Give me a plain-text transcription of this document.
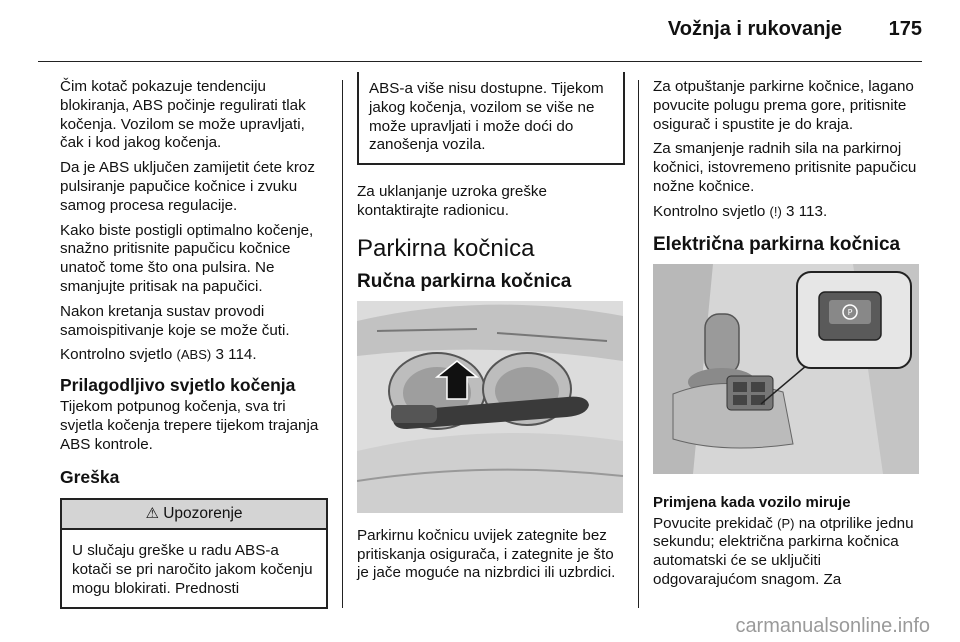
Vožnja i rukovanje 175

Čim kotač pokazuje tendenciju blokiranja, ABS počinje regulirati tlak kočenja. Vozilom se može upravljati, čak i kod jakog kočenja.

Da je ABS uključen zamijetit ćete kroz pulsiranje papučice kočnice i zvuku samog procesa regulacije.

Kako biste postigli optimalno kočenje, snažno pritisnite papučicu kočnice unatoč tome što ona pulsira. Ne smanjujte pritisak na papučici.

Nakon kretanja sustav provodi samoispitivanje koje se može čuti.

Kontrolno svjetlo (ABS) 3 114.

Prilagodljivo svjetlo kočenja

Tijekom potpunog kočenja, sva tri svjetla kočenja trepere tijekom trajanja ABS kontrole.

Greška
⚠ Upozorenje
U slučaju greške u radu ABS-a kotači se pri naročito jakom kočenju mogu blokirati. Prednosti
ABS-a više nisu dostupne. Tijekom jakog kočenja, vozilom se više ne može upravljati i može doći do zanošenja vozila.

Za uklanjanje uzroka greške kontaktirajte radionicu.

Parkirna kočnica
Ručna parkirna kočnica

Parkirnu kočnicu uvijek zategnite bez pritiskanja osigurača, i zategnite je što je jače moguće na nizbrdici ili uzbrdici.

Za otpuštanje parkirne kočnice, lagano povucite polugu prema gore, pritisnite osigurač i spustite je do kraja.

Za smanjenje radnih sila na parkirnoj kočnici, istovremeno pritisnite papučicu nožne kočnice.

Kontrolno svjetlo (!) 3 113.

Električna parkirna kočnica
P
Primjena kada vozilo miruje

Povucite prekidač (P) na otprilike jednu sekundu; električna parkirna kočnica automatski će se uključiti odgovarajućom snagom. Za

carmanualsonline.info
